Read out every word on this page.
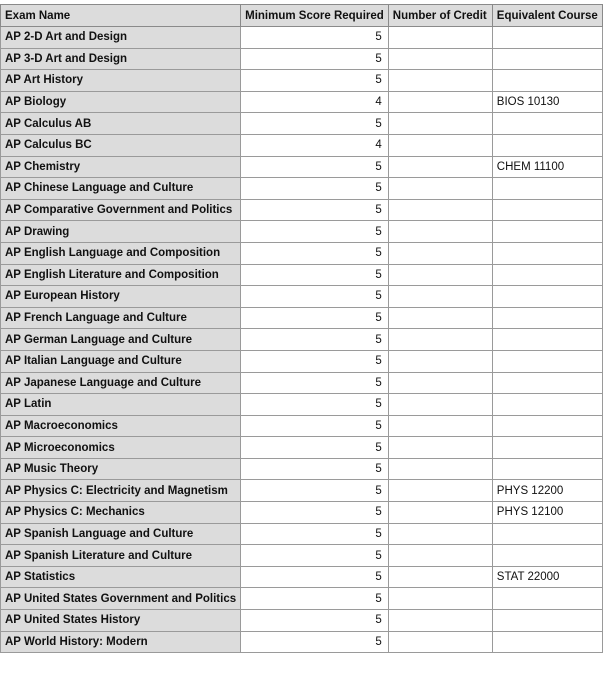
Exam Name	Minimum Score Required	Number of Credit	Equivalent Course
AP 2-D Art and Design	5		
AP 3-D Art and Design	5		
AP Art History	5		
AP Biology	4		BIOS 10130
AP Calculus AB	5		
AP Calculus BC	4		
AP Chemistry	5		CHEM 11100
AP Chinese Language and Culture	5		
AP Comparative Government and Politics	5		
AP Drawing	5		
AP English Language and Composition	5		
AP English Literature and Composition	5		
AP European History	5		
AP French Language and Culture	5		
AP German Language and Culture	5		
AP Italian Language and Culture	5		
AP Japanese Language and Culture	5		
AP Latin	5		
AP Macroeconomics	5		
AP Microeconomics	5		
AP Music Theory	5		
AP Physics C: Electricity and Magnetism	5		PHYS 12200
AP Physics C: Mechanics	5		PHYS 12100
AP Spanish Language and Culture	5		
AP Spanish Literature and Culture	5		
AP Statistics	5		STAT 22000
AP United States Government and Politics	5		
AP United States History	5		
AP World History: Modern	5		
